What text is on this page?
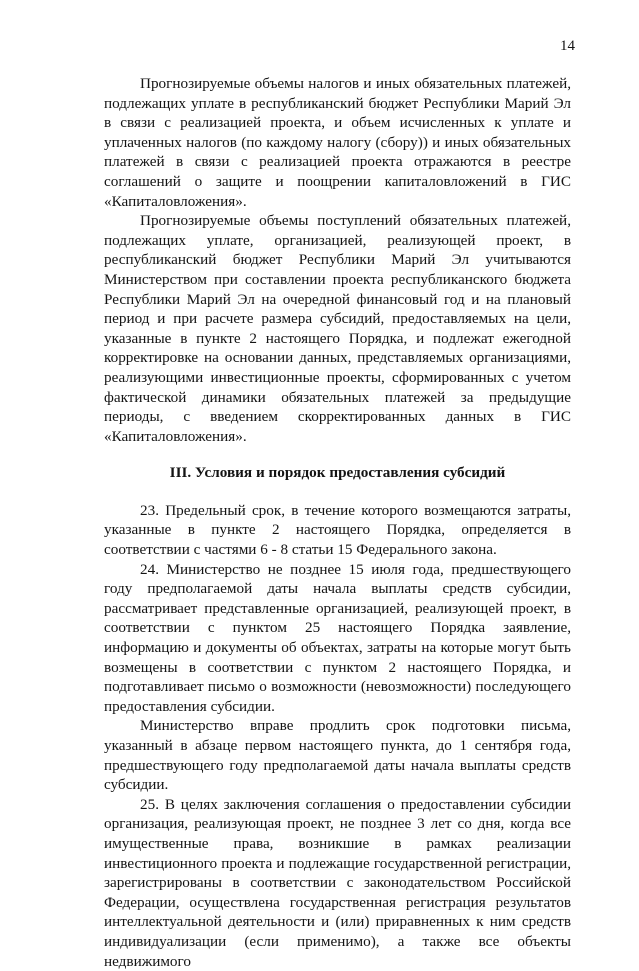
14

Прогнозируемые объемы налогов и иных обязательных платежей, подлежащих уплате в республиканский бюджет Республики Марий Эл в связи с реализацией проекта, и объем исчисленных к уплате и уплаченных налогов (по каждому налогу (сбору)) и иных обязательных платежей в связи с реализацией проекта отражаются в реестре соглашений о защите и поощрении капиталовложений в ГИС «Капиталовложения».

Прогнозируемые объемы поступлений обязательных платежей, подлежащих уплате, организацией, реализующей проект, в республиканский бюджет Республики Марий Эл учитываются Министерством при составлении проекта республиканского бюджета Республики Марий Эл на очередной финансовый год и на плановый период и при расчете размера субсидий, предоставляемых на цели, указанные в пункте 2 настоящего Порядка, и подлежат ежегодной корректировке на основании данных, представляемых организациями, реализующими инвестиционные проекты, сформированных с учетом фактической динамики обязательных платежей за предыдущие периоды, с введением скорректированных данных в ГИС «Капиталовложения».

III. Условия и порядок предоставления субсидий

23. Предельный срок, в течение которого возмещаются затраты, указанные в пункте 2 настоящего Порядка, определяется в соответствии с частями 6 - 8 статьи 15 Федерального закона.

24. Министерство не позднее 15 июля года, предшествующего году предполагаемой даты начала выплаты средств субсидии, рассматривает представленные организацией, реализующей проект, в соответствии с пунктом 25 настоящего Порядка заявление, информацию и документы об объектах, затраты на которые могут быть возмещены в соответствии с пунктом 2 настоящего Порядка, и подготавливает письмо о возможности (невозможности) последующего предоставления субсидии.

Министерство вправе продлить срок подготовки письма, указанный в абзаце первом настоящего пункта, до 1 сентября года, предшествующего году предполагаемой даты начала выплаты средств субсидии.

25. В целях заключения соглашения о предоставлении субсидии организация, реализующая проект, не позднее 3 лет со дня, когда все имущественные права, возникшие в рамках реализации инвестиционного проекта и подлежащие государственной регистрации, зарегистрированы в соответствии с законодательством Российской Федерации, осуществлена государственная регистрация результатов интеллектуальной деятельности и (или) приравненных к ним средств индивидуализации (если применимо), а также все объекты недвижимого
